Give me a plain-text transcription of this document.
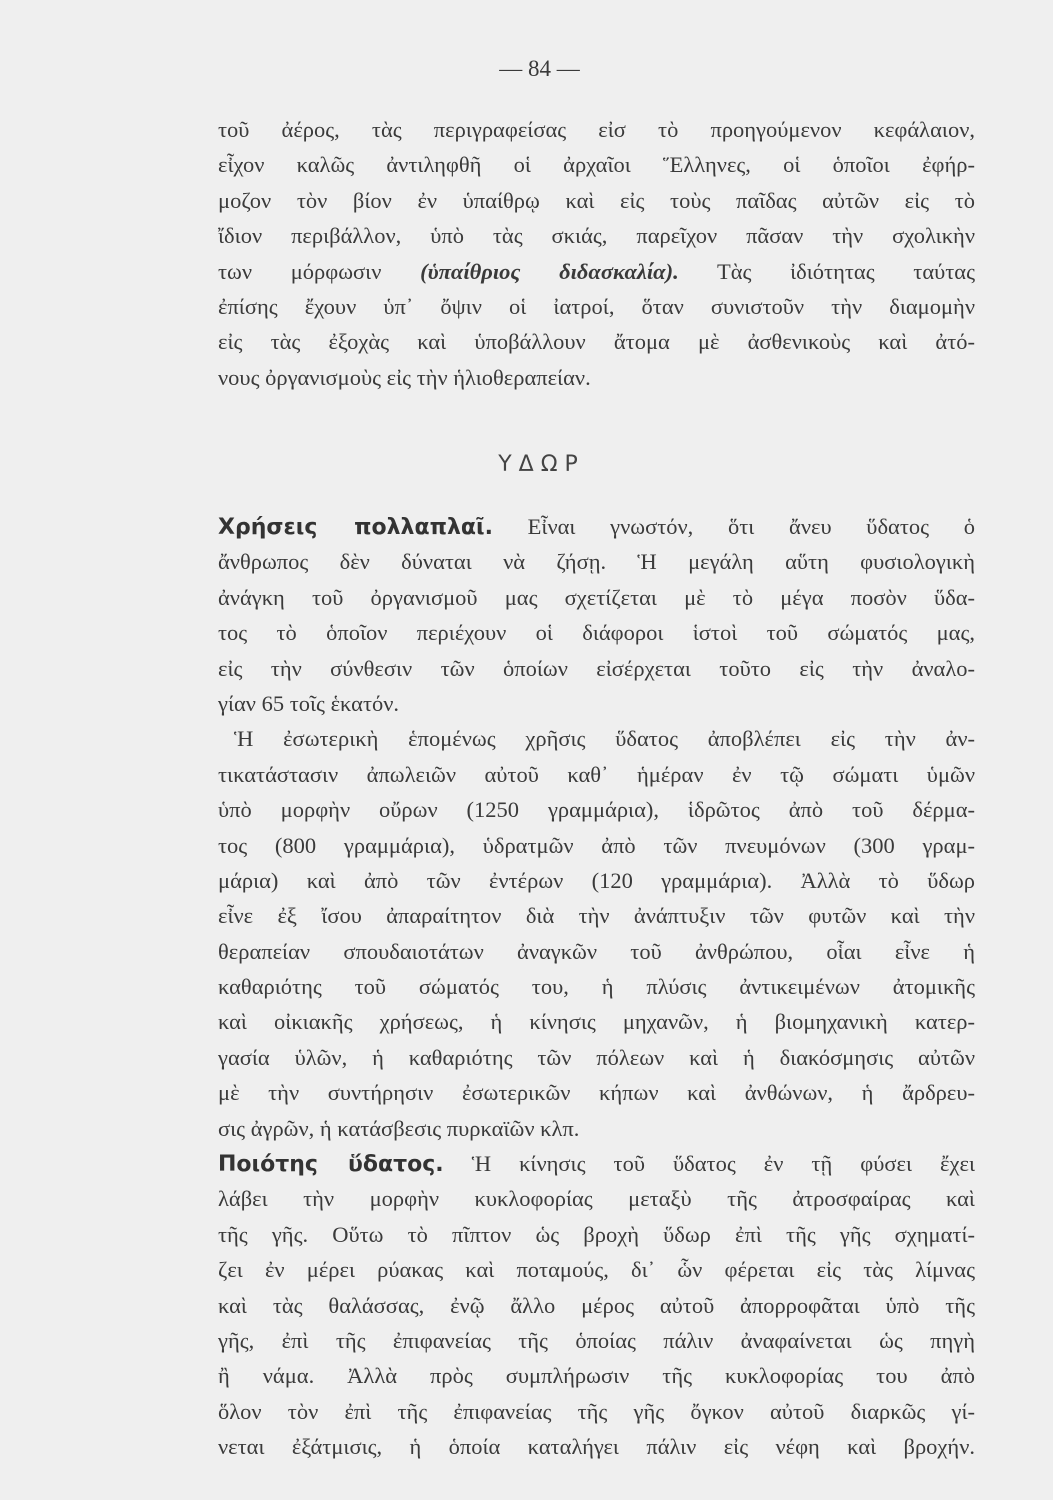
— 84 —
τοῦ ἀέρος, τὰς περιγραφείσας εἰσ τὸ προηγούμενον κεφάλαιον,
εἶχον καλῶς ἀντιληφθῆ οἱ ἀρχαῖοι Ἕλληνες, οἱ ὁποῖοι ἐφήρ-
μοζον τὸν βίον ἐν ὑπαίθρῳ καὶ εἰς τοὺς παῖδας αὐτῶν εἰς τὸ
ἴδιον περιβάλλον, ὑπὸ τὰς σκιάς, παρεῖχον πᾶσαν τὴν σχολικὴν
των μόρφωσιν (ὑπαίθριος διδασκαλία). Τὰς ἰδιότητας ταύτας
ἐπίσης ἔχουν ὑπ᾽ ὄψιν οἱ ἰατροί, ὅταν συνιστοῦν τὴν διαμομὴν
εἰς τὰς ἐξοχὰς καὶ ὑποβάλλουν ἄτομα μὲ ἀσθενικοὺς καὶ ἀτό-
νους ὀργανισμοὺς εἰς τὴν ἡλιοθεραπείαν.
ΥΔΩΡ
Χρήσεις πολλαπλαῖ. Εἶναι γνωστόν, ὅτι ἄνευ ὕδατος ὁ
ἄνθρωπος δὲν δύναται νὰ ζήσῃ. Ἡ μεγάλη αὕτη φυσιολογικὴ
ἀνάγκη τοῦ ὀργανισμοῦ μας σχετίζεται μὲ τὸ μέγα ποσὸν ὕδα-
τος τὸ ὁποῖον περιέχουν οἱ διάφοροι ἱστοὶ τοῦ σώματός μας,
εἰς τὴν σύνθεσιν τῶν ὁποίων εἰσέρχεται τοῦτο εἰς τὴν ἀναλο-
γίαν 65 τοῖς ἑκατόν.
Ἡ ἐσωτερικὴ ἑπομένως χρῆσις ὕδατος ἀποβλέπει εἰς τὴν ἀν-
τικατάστασιν ἀπωλειῶν αὐτοῦ καθ᾽ ἡμέραν ἐν τῷ σώματι ὑμῶν
ὑπὸ μορφὴν οὔρων (1250 γραμμάρια), ἱδρῶτος ἀπὸ τοῦ δέρμα-
τος (800 γραμμάρια), ὑδρατμῶν ἀπὸ τῶν πνευμόνων (300 γραμ-
μάρια) καὶ ἀπὸ τῶν ἐντέρων (120 γραμμάρια). Ἀλλὰ τὸ ὕδωρ
εἶνε ἐξ ἴσου ἀπαραίτητον διὰ τὴν ἀνάπτυξιν τῶν φυτῶν καὶ τὴν
θεραπείαν σπουδαιοτάτων ἀναγκῶν τοῦ ἀνθρώπου, οἷαι εἶνε ἡ
καθαριότης τοῦ σώματός του, ἡ πλύσις ἀντικειμένων ἀτομικῆς
καὶ οἰκιακῆς χρήσεως, ἡ κίνησις μηχανῶν, ἡ βιομηχανικὴ κατερ-
γασία ὑλῶν, ἡ καθαριότης τῶν πόλεων καὶ ἡ διακόσμησις αὐτῶν
μὲ τὴν συντήρησιν ἐσωτερικῶν κήπων καὶ ἀνθώνων, ἡ ἄρδρευ-
σις ἀγρῶν, ἡ κατάσβεσις πυρκαϊῶν κλπ.
Ποιότης ὕδατος. Ἡ κίνησις τοῦ ὕδατος ἐν τῇ φύσει ἔχει
λάβει τὴν μορφὴν κυκλοφορίας μεταξὺ τῆς ἀτροσφαίρας καὶ
τῆς γῆς. Οὕτω τὸ πῖπτον ὡς βροχὴ ὕδωρ ἐπὶ τῆς γῆς σχηματί-
ζει ἐν μέρει ρύακας καὶ ποταμούς, δι᾽ ὧν φέρεται εἰς τὰς λίμνας
καὶ τὰς θαλάσσας, ἐνῷ ἄλλο μέρος αὐτοῦ ἀπορροφᾶται ὑπὸ τῆς
γῆς, ἐπὶ τῆς ἐπιφανείας τῆς ὁποίας πάλιν ἀναφαίνεται ὡς πηγὴ
ἢ νάμα. Ἀλλὰ πρὸς συμπλήρωσιν τῆς κυκλοφορίας του ἀπὸ
ὅλον τὸν ἐπὶ τῆς ἐπιφανείας τῆς γῆς ὄγκον αὐτοῦ διαρκῶς γί-
νεται ἐξάτμισις, ἡ ὁποία καταλήγει πάλιν εἰς νέφη καὶ βροχήν.
